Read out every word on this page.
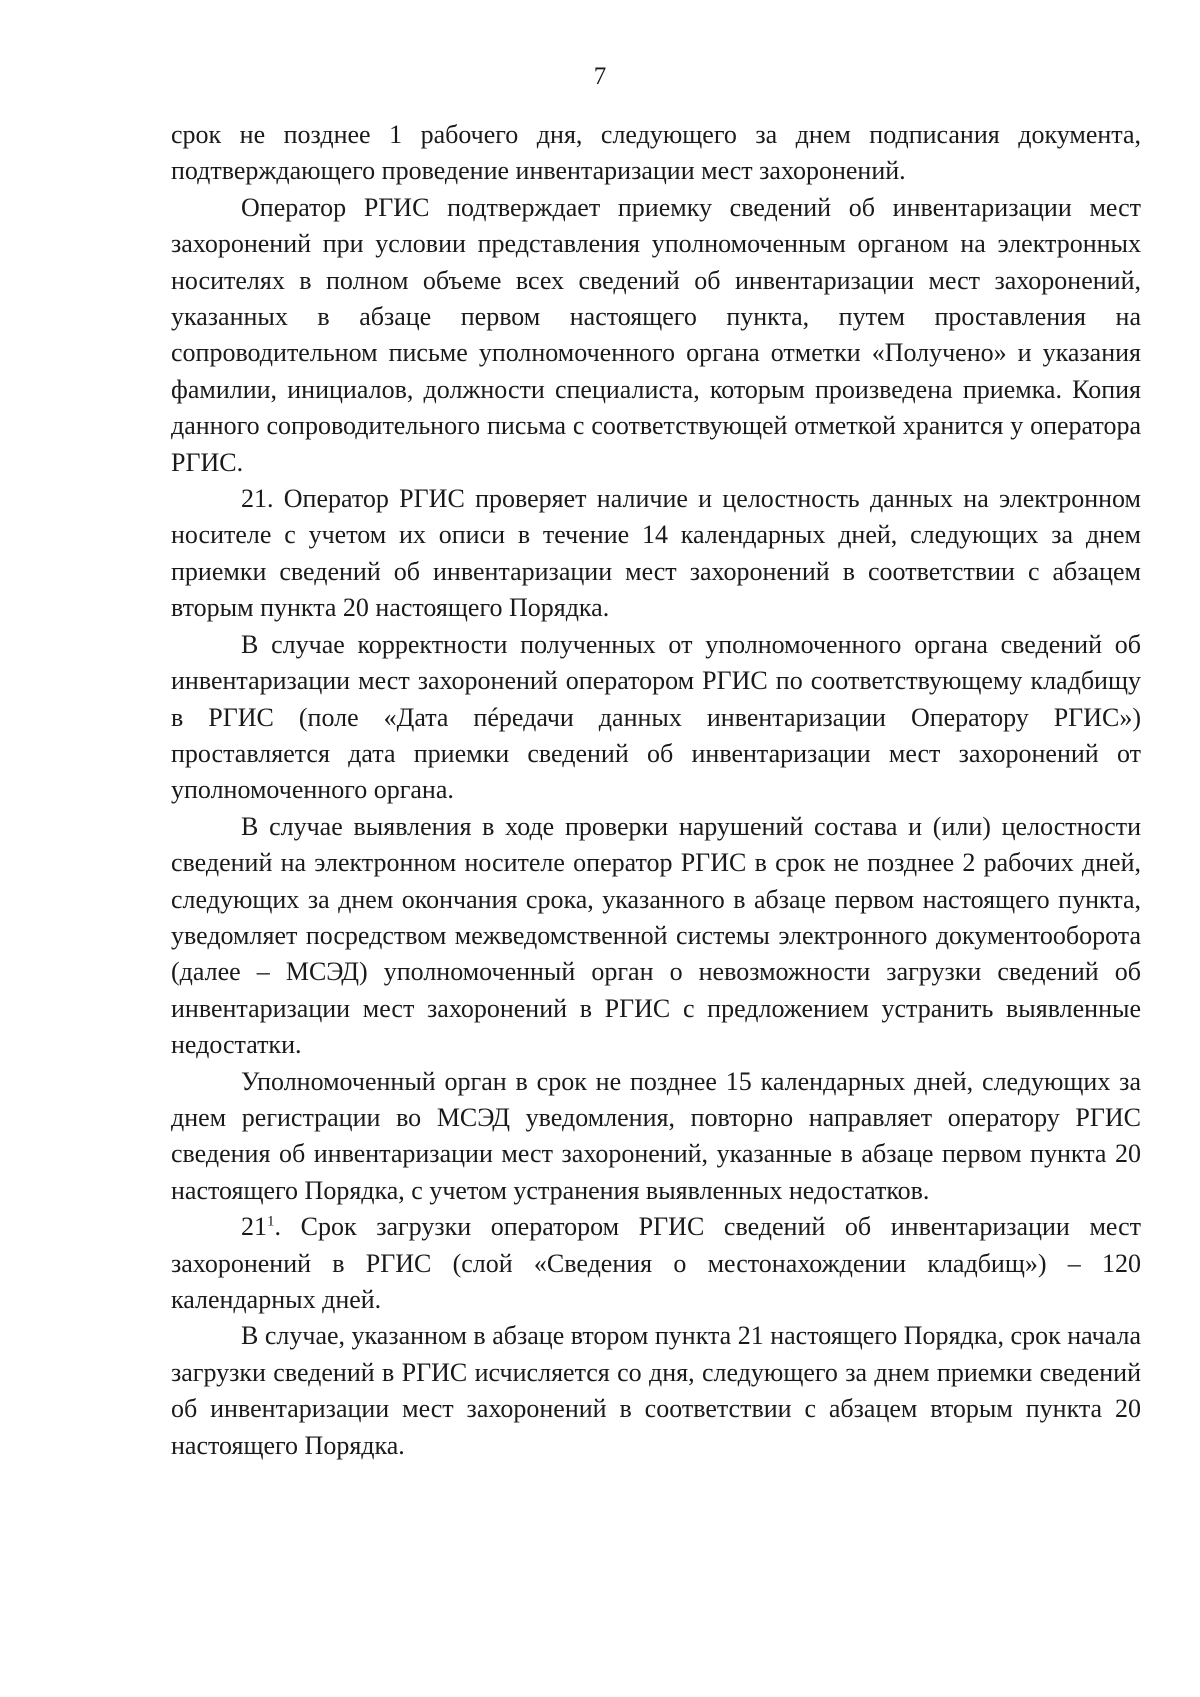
7

срок не позднее 1 рабочего дня, следующего за днем подписания документа, подтверждающего проведение инвентаризации мест захоронений.

Оператор РГИС подтверждает приемку сведений об инвентаризации мест захоронений при условии представления уполномоченным органом на электронных носителях в полном объеме всех сведений об инвентаризации мест захоронений, указанных в абзаце первом настоящего пункта, путем проставления на сопроводительном письме уполномоченного органа отметки «Получено» и указания фамилии, инициалов, должности специалиста, которым произведена приемка. Копия данного сопроводительного письма с соответствующей отметкой хранится у оператора РГИС.

21. Оператор РГИС проверяет наличие и целостность данных на электронном носителе с учетом их описи в течение 14 календарных дней, следующих за днем приемки сведений об инвентаризации мест захоронений в соответствии с абзацем вторым пункта 20 настоящего Порядка.

В случае корректности полученных от уполномоченного органа сведений об инвентаризации мест захоронений оператором РГИС по соответствующему кладбищу в РГИС (поле «Дата пéредачи данных инвентаризации Оператору РГИС») проставляется дата приемки сведений об инвентаризации мест захоронений от уполномоченного органа.

В случае выявления в ходе проверки нарушений состава и (или) целостности сведений на электронном носителе оператор РГИС в срок не позднее 2 рабочих дней, следующих за днем окончания срока, указанного в абзаце первом настоящего пункта, уведомляет посредством межведомственной системы электронного документооборота (далее – МСЭД) уполномоченный орган о невозможности загрузки сведений об инвентаризации мест захоронений в РГИС с предложением устранить выявленные недостатки.

Уполномоченный орган в срок не позднее 15 календарных дней, следующих за днем регистрации во МСЭД уведомления, повторно направляет оператору РГИС сведения об инвентаризации мест захоронений, указанные в абзаце первом пункта 20 настоящего Порядка, с учетом устранения выявленных недостатков.

$21^1$. Срок загрузки оператором РГИС сведений об инвентаризации мест захоронений в РГИС (слой «Сведения о местонахождении кладбищ») – 120 календарных дней.

В случае, указанном в абзаце втором пункта 21 настоящего Порядка, срок начала загрузки сведений в РГИС исчисляется со дня, следующего за днем приемки сведений об инвентаризации мест захоронений в соответствии с абзацем вторым пункта 20 настоящего Порядка.
